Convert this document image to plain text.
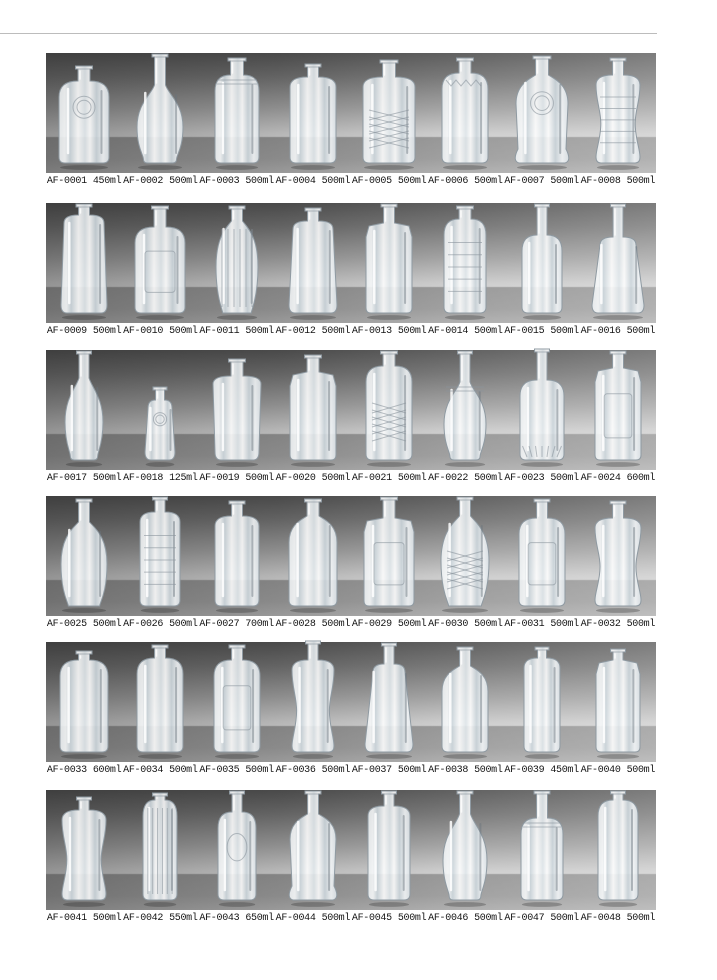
AF-0001 450ml AF-0002 500ml AF-0003 500ml AF-0004 500ml AF-0005 500ml AF-0006 500ml AF-0007 500ml AF-0008 500ml
AF-0009 500ml AF-0010 500ml AF-0011 500ml AF-0012 500ml AF-0013 500ml AF-0014 500ml AF-0015 500ml AF-0016 500ml
AF-0017 500ml AF-0018 125ml AF-0019 500ml AF-0020 500ml AF-0021 500ml AF-0022 500ml AF-0023 500ml AF-0024 600ml
AF-0025 500ml AF-0026 500ml AF-0027 700ml AF-0028 500ml AF-0029 500ml AF-0030 500ml AF-0031 500ml AF-0032 500ml
AF-0033 600ml AF-0034 500ml AF-0035 500ml AF-0036 500ml AF-0037 500ml AF-0038 500ml AF-0039 450ml AF-0040 500ml
AF-0041 500ml AF-0042 550ml AF-0043 650ml AF-0044 500ml AF-0045 500ml AF-0046 500ml AF-0047 500ml AF-0048 500ml
